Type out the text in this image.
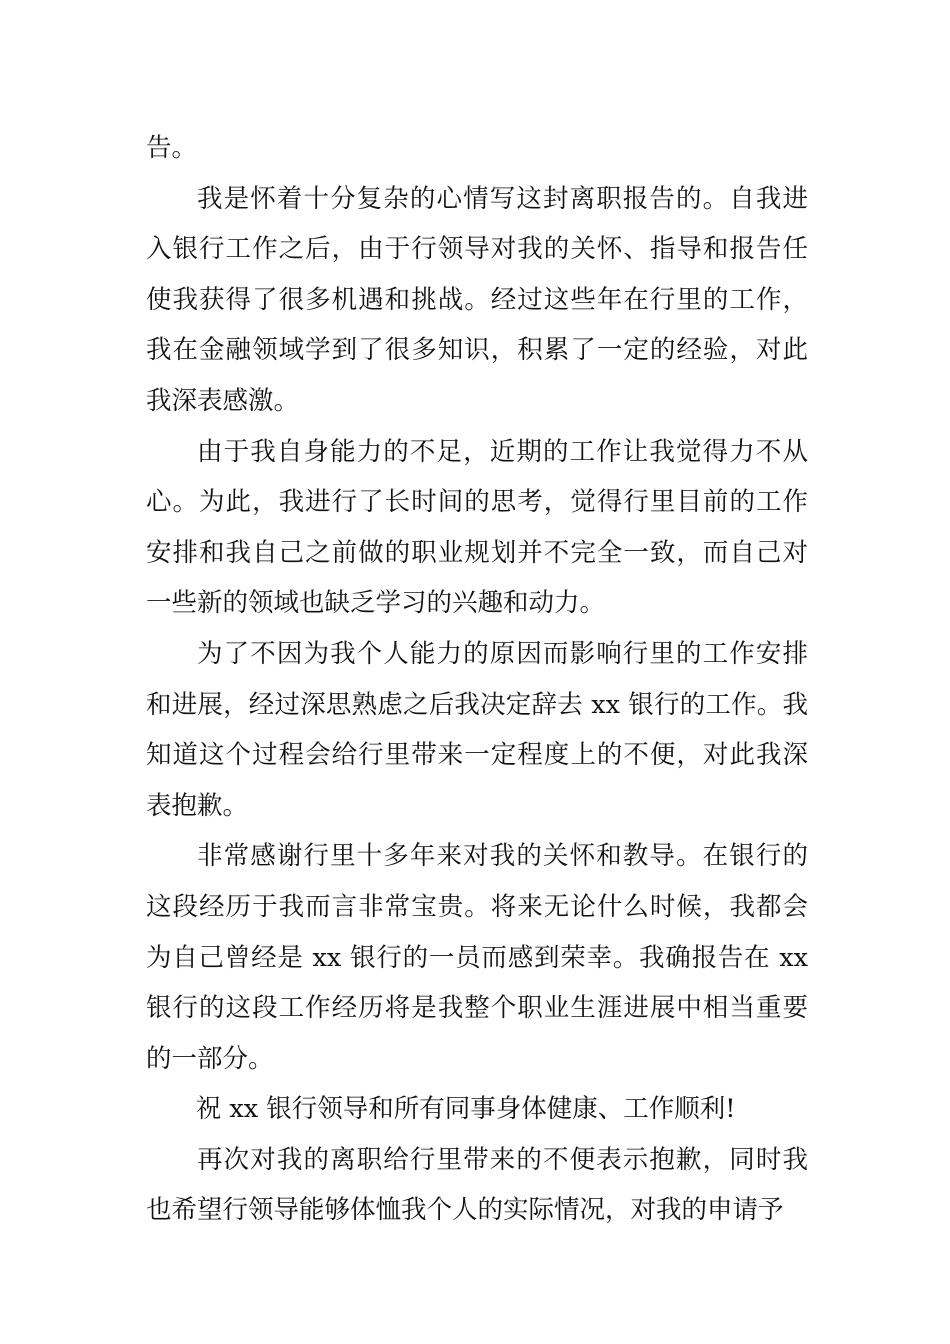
告。

我是怀着十分复杂的心情写这封离职报告的。自我进入银行工作之后，由于行领导对我的关怀、指导和报告任使我获得了很多机遇和挑战。经过这些年在行里的工作，我在金融领域学到了很多知识，积累了一定的经验，对此我深表感激。

由于我自身能力的不足，近期的工作让我觉得力不从心。为此，我进行了长时间的思考，觉得行里目前的工作安排和我自己之前做的职业规划并不完全一致，而自己对一些新的领域也缺乏学习的兴趣和动力。

为了不因为我个人能力的原因而影响行里的工作安排和进展，经过深思熟虑之后我决定辞去 xx 银行的工作。我知道这个过程会给行里带来一定程度上的不便，对此我深表抱歉。

非常感谢行里十多年来对我的关怀和教导。在银行的这段经历于我而言非常宝贵。将来无论什么时候，我都会为自己曾经是 xx 银行的一员而感到荣幸。我确报告在 xx 银行的这段工作经历将是我整个职业生涯进展中相当重要的一部分。

祝 xx 银行领导和所有同事身体健康、工作顺利!

再次对我的离职给行里带来的不便表示抱歉，同时我也希望行领导能够体恤我个人的实际情况，对我的申请予
